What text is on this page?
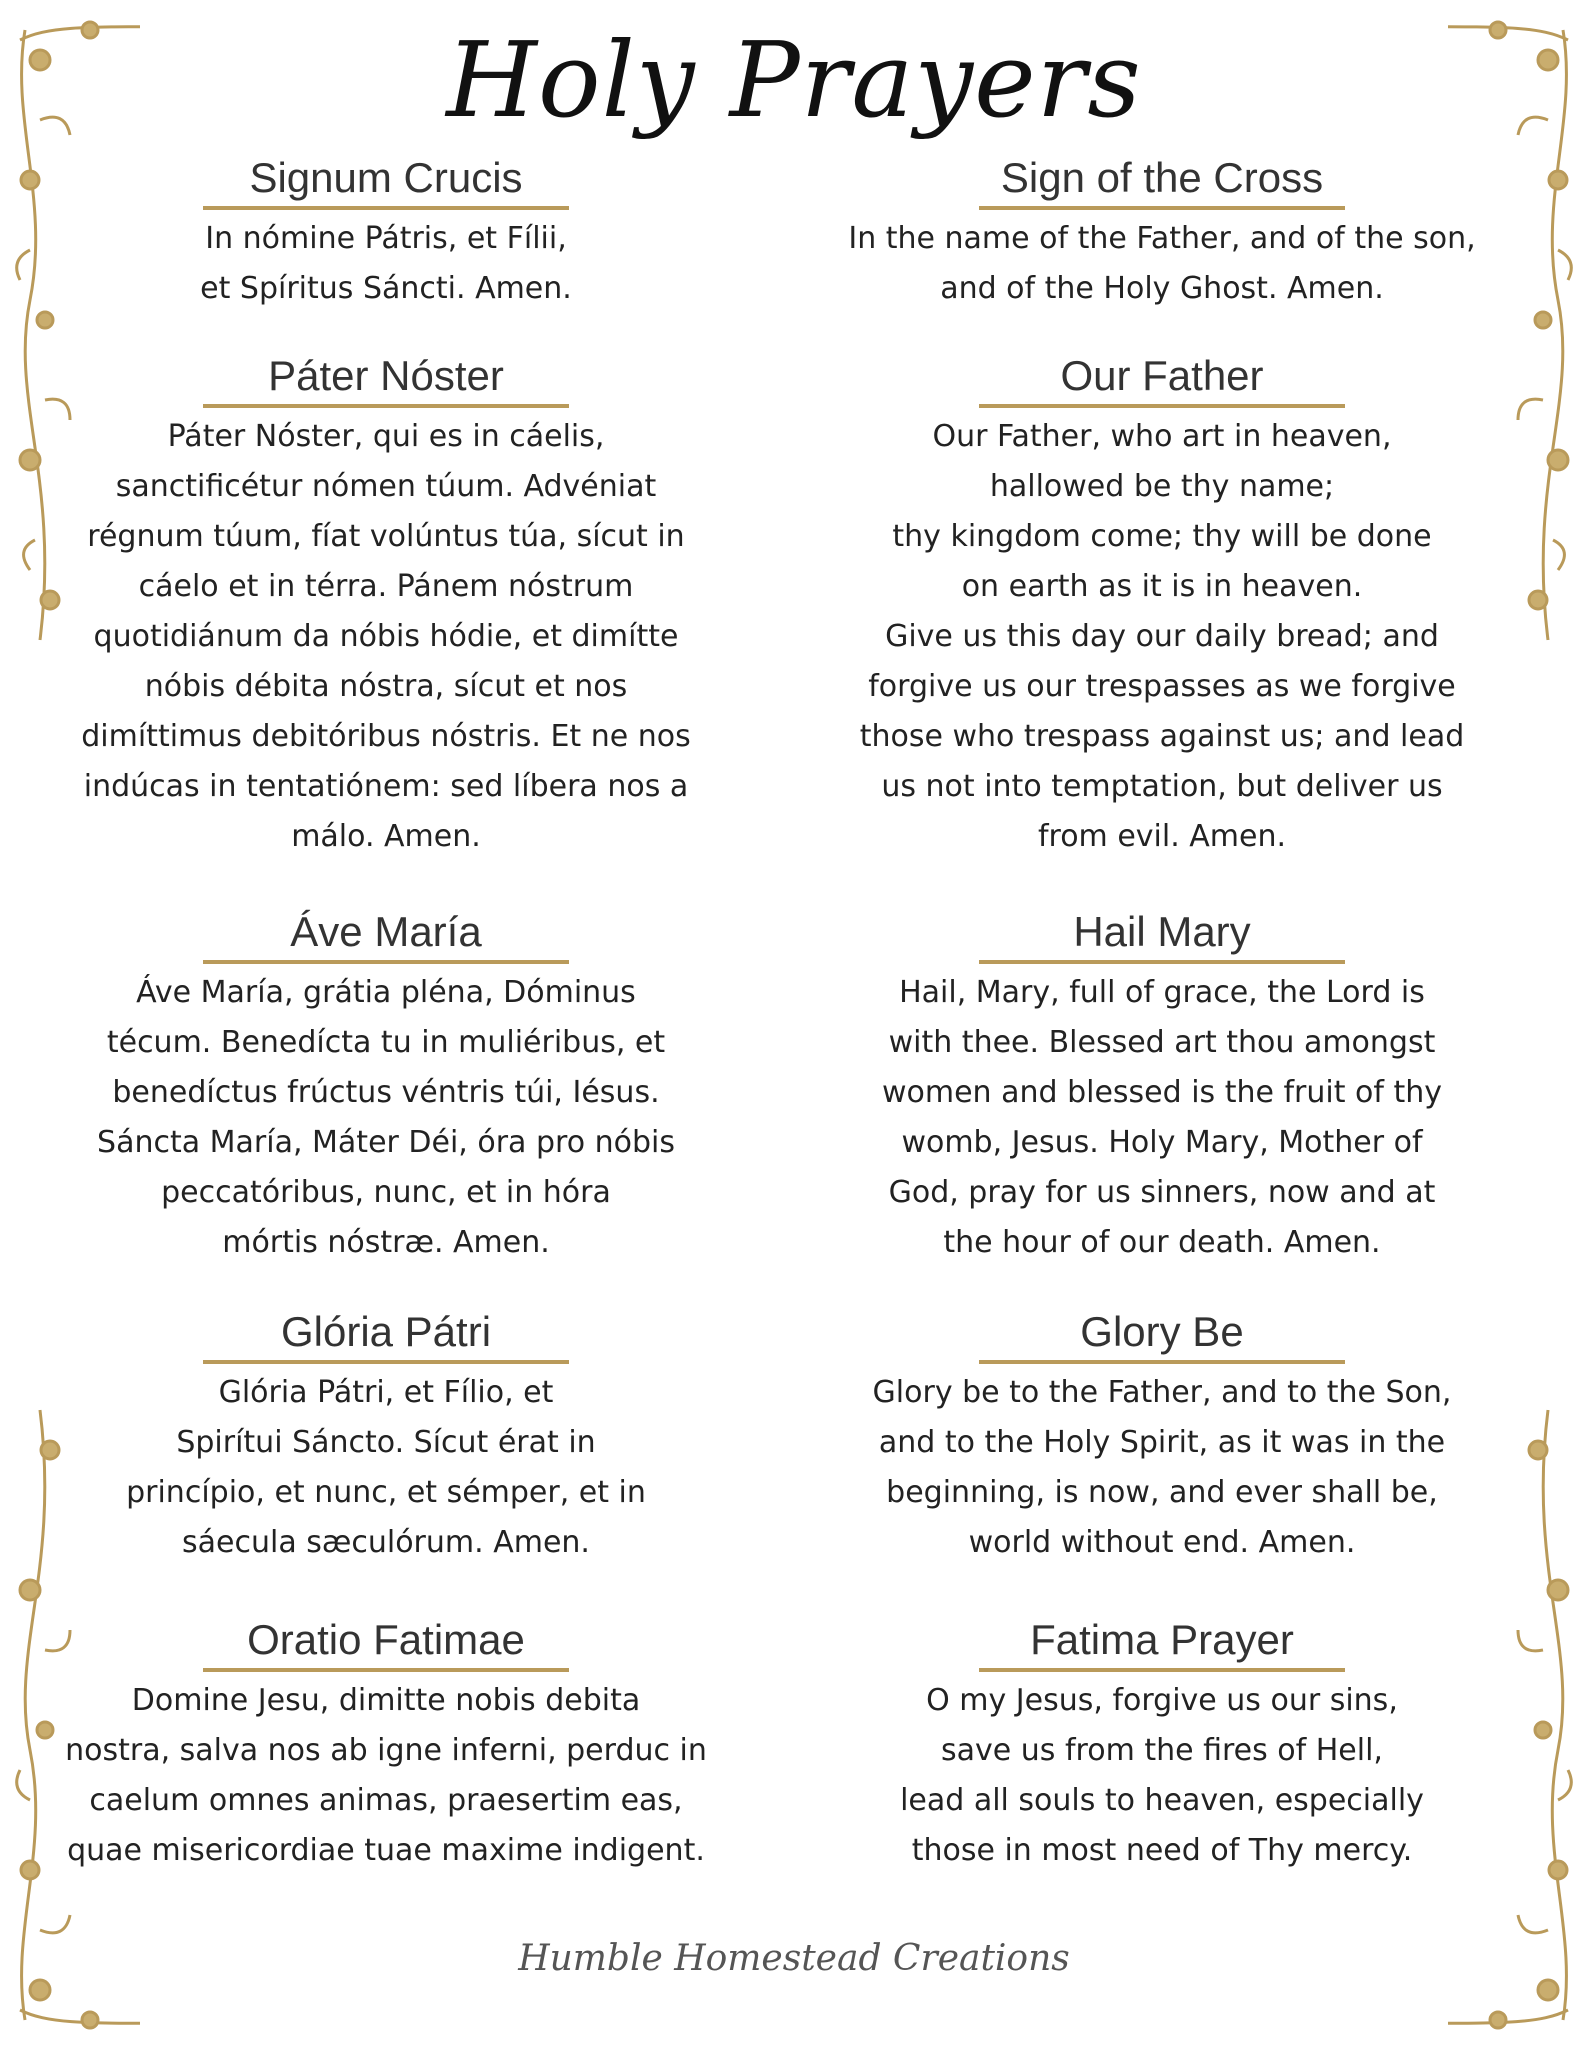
Holy Prayers
Signum Crucis
In nómine Pátris, et Fílii,
et Spíritus Sáncti. Amen.
Sign of the Cross
In the name of the Father, and of the son,
and of the Holy Ghost. Amen.
Páter Nóster
Páter Nóster, qui es in cáelis,
sanctificétur nómen túum. Advéniat
régnum túum, fíat volúntus túa, sícut in
cáelo et in térra. Pánem nóstrum
quotidiánum da nóbis hódie, et dimítte
nóbis débita nóstra, sícut et nos
dimíttimus debitóribus nóstris. Et ne nos
indúcas in tentatiónem: sed líbera nos a
málo. Amen.
Our Father
Our Father, who art in heaven,
hallowed be thy name;
thy kingdom come; thy will be done
on earth as it is in heaven.
Give us this day our daily bread; and
forgive us our trespasses as we forgive
those who trespass against us; and lead
us not into temptation, but deliver us
from evil. Amen.
Áve María
Áve María, grátia pléna, Dóminus
técum. Benedícta tu in muliéribus, et
benedíctus frúctus véntris túi, Iésus.
Sáncta María, Máter Déi, óra pro nóbis
peccatóribus, nunc, et in hóra
mórtis nóstræ. Amen.
Hail Mary
Hail, Mary, full of grace, the Lord is
with thee. Blessed art thou amongst
women and blessed is the fruit of thy
womb, Jesus. Holy Mary, Mother of
God, pray for us sinners, now and at
the hour of our death. Amen.
Glória Pátri
Glória Pátri, et Fílio, et
Spirítui Sáncto. Sícut érat in
princípio, et nunc, et sémper, et in
sáecula sæculórum. Amen.
Glory Be
Glory be to the Father, and to the Son,
and to the Holy Spirit, as it was in the
beginning, is now, and ever shall be,
world without end. Amen.
Oratio Fatimae
Domine Jesu, dimitte nobis debita
nostra, salva nos ab igne inferni, perduc in
caelum omnes animas, praesertim eas,
quae misericordiae tuae maxime indigent.
Fatima Prayer
O my Jesus, forgive us our sins,
save us from the fires of Hell,
lead all souls to heaven, especially
those in most need of Thy mercy.
Humble Homestead Creations
